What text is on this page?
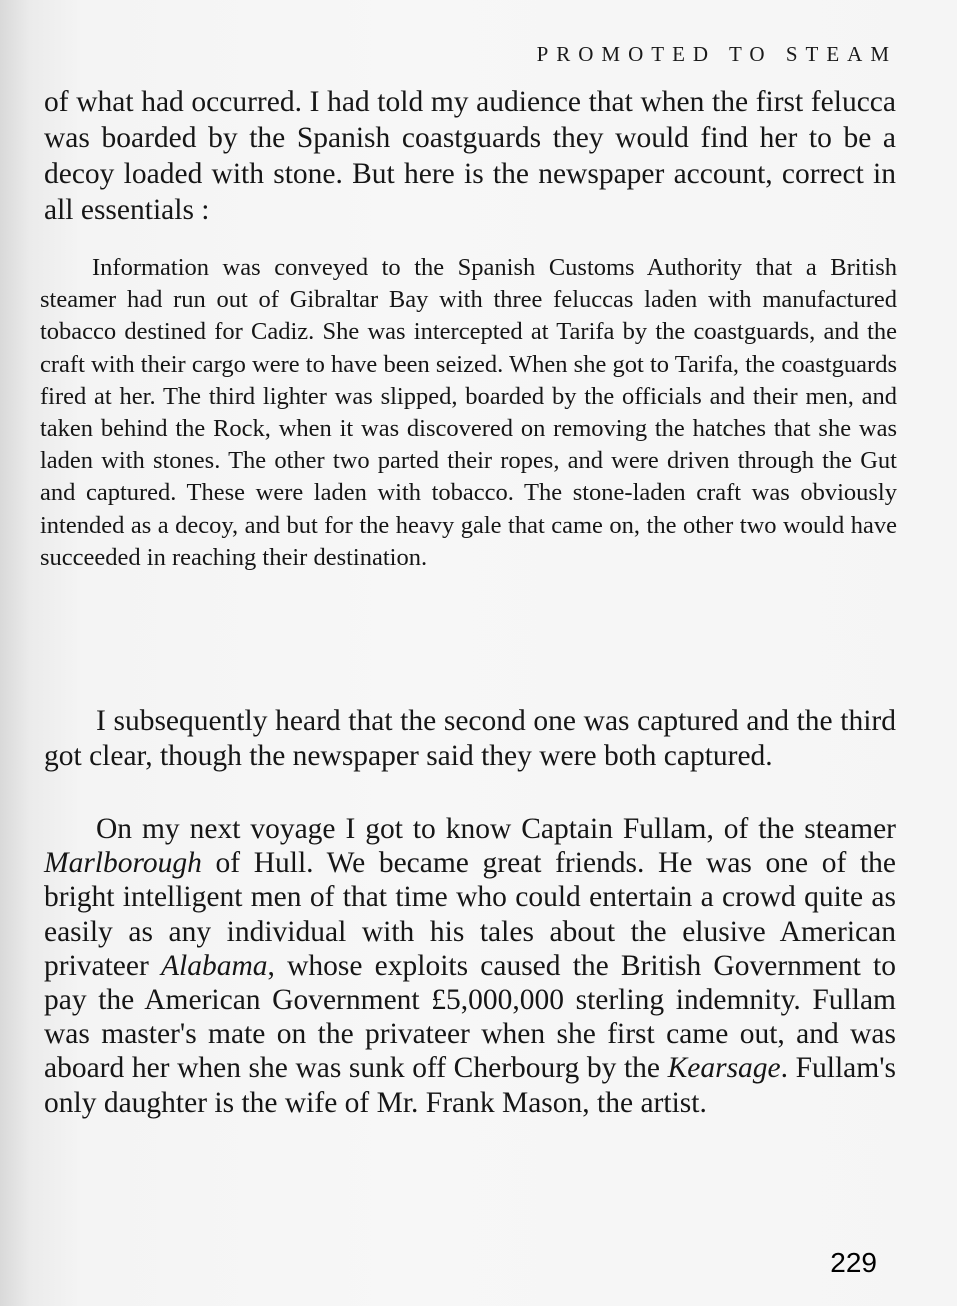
PROMOTED TO STEAM

of what had occurred. I had told my audience that when the first felucca was boarded by the Spanish coastguards they would find her to be a decoy loaded with stone. But here is the newspaper account, correct in all essentials :

Information was conveyed to the Spanish Customs Authority that a British steamer had run out of Gibraltar Bay with three feluccas laden with manufactured tobacco destined for Cadiz. She was intercepted at Tarifa by the coastguards, and the craft with their cargo were to have been seized. When she got to Tarifa, the coastguards fired at her. The third lighter was slipped, boarded by the officials and their men, and taken behind the Rock, when it was discovered on removing the hatches that she was laden with stones. The other two parted their ropes, and were driven through the Gut and captured. These were laden with tobacco. The stone-laden craft was obviously intended as a decoy, and but for the heavy gale that came on, the other two would have succeeded in reaching their destination.

I subsequently heard that the second one was captured and the third got clear, though the newspaper said they were both captured.

On my next voyage I got to know Captain Fullam, of the steamer Marlborough of Hull. We became great friends. He was one of the bright intelligent men of that time who could entertain a crowd quite as easily as any individual with his tales about the elusive American privateer Alabama, whose exploits caused the British Government to pay the American Government £5,000,000 sterling indemnity. Fullam was master's mate on the privateer when she first came out, and was aboard her when she was sunk off Cherbourg by the Kearsage. Fullam's only daughter is the wife of Mr. Frank Mason, the artist.

229
